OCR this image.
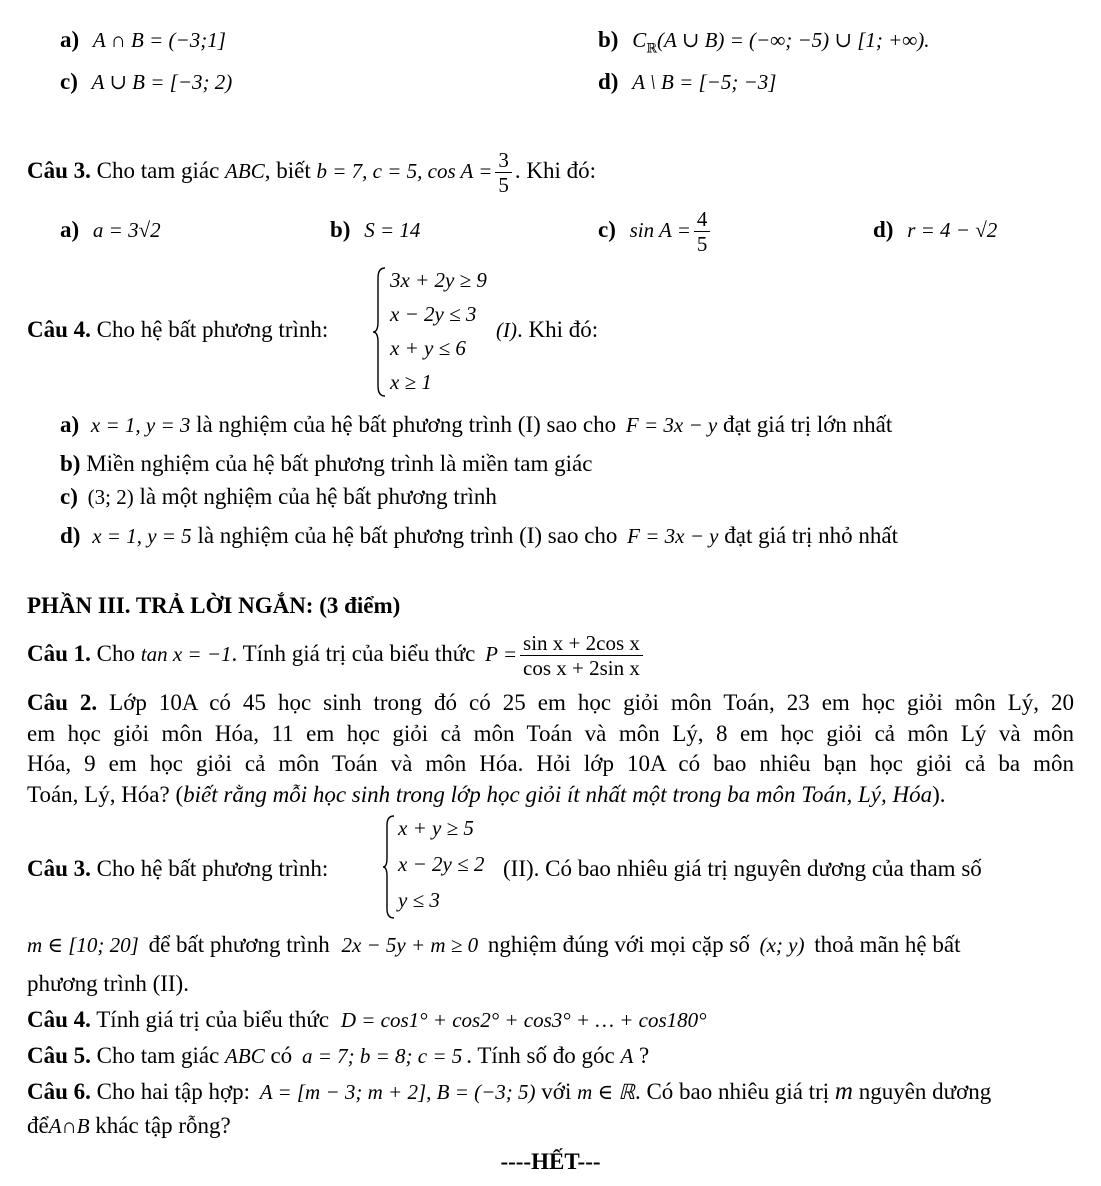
a) A ∩ B = (−3;1]	b) $C_ℝ(A$ ∪ B) = (−∞; −5) ∪ [1; +∞).
c) A ∪ B = [−3; 2)	d) A \ B = [−5; −3]
Câu 3. Cho tam giác ABC, biết b = 7, c = 5, $\cos A = \frac{3}{5}$ . Khi đó:
a) a = 3√2	b) S = 14	c) $\sin A = \frac{4}{5}$	d) r = 4 − √2
Câu 4. Cho hệ bất phương trình:
3x + 2y ≥ 9
x − 2y ≤ 3
x + y ≤ 6
x ≥ 1
(I). Khi đó:
a) x = 1, y = 3 là nghiệm của hệ bất phương trình (I) sao cho F = 3x − y đạt giá trị lớn nhất
b) Miền nghiệm của hệ bất phương trình là miền tam giác
c) (3; 2) là một nghiệm của hệ bất phương trình
d) x = 1, y = 5 là nghiệm của hệ bất phương trình (I) sao cho F = 3x − y đạt giá trị nhỏ nhất
PHẦN III. TRẢ LỜI NGẮN: (3 điểm)
Câu 1. Cho tan x = −1. Tính giá trị của biểu thức $P = \frac{\text{sin x + 2cos x}}{\text{cos x + 2sin x}}$
Câu 2. Lớp 10A có 45 học sinh trong đó có 25 em học giỏi môn Toán, 23 em học giỏi môn Lý, 20
em học giỏi môn Hóa, 11 em học giỏi cả môn Toán và môn Lý, 8 em học giỏi cả môn Lý và môn
Hóa, 9 em học giỏi cả môn Toán và môn Hóa. Hỏi lớp 10A có bao nhiêu bạn học giỏi cả ba môn
Toán, Lý, Hóa? (biết rằng mỗi học sinh trong lớp học giỏi ít nhất một trong ba môn Toán, Lý, Hóa).
Câu 3. Cho hệ bất phương trình:
x + y ≥ 5
x − 2y ≤ 2
y ≤ 3
(II). Có bao nhiêu giá trị nguyên dương của tham số
m ∈ [10; 20] để bất phương trình 2x − 5y + m ≥ 0 nghiệm đúng với mọi cặp số (x; y) thoả mãn hệ bất
phương trình (II).
Câu 4. Tính giá trị của biểu thức D = cos1° + cos2° + cos3° + … + cos180°
Câu 5. Cho tam giác ABC có a = 7; b = 8; c = 5 . Tính số đo góc A ?
Câu 6. Cho hai tập hợp: A = [m − 3; m + 2], B = (−3; 5) với m ∈ ℝ. Có bao nhiêu giá trị m nguyên dương
đểA∩B khác tập rỗng?
----HẾT---
